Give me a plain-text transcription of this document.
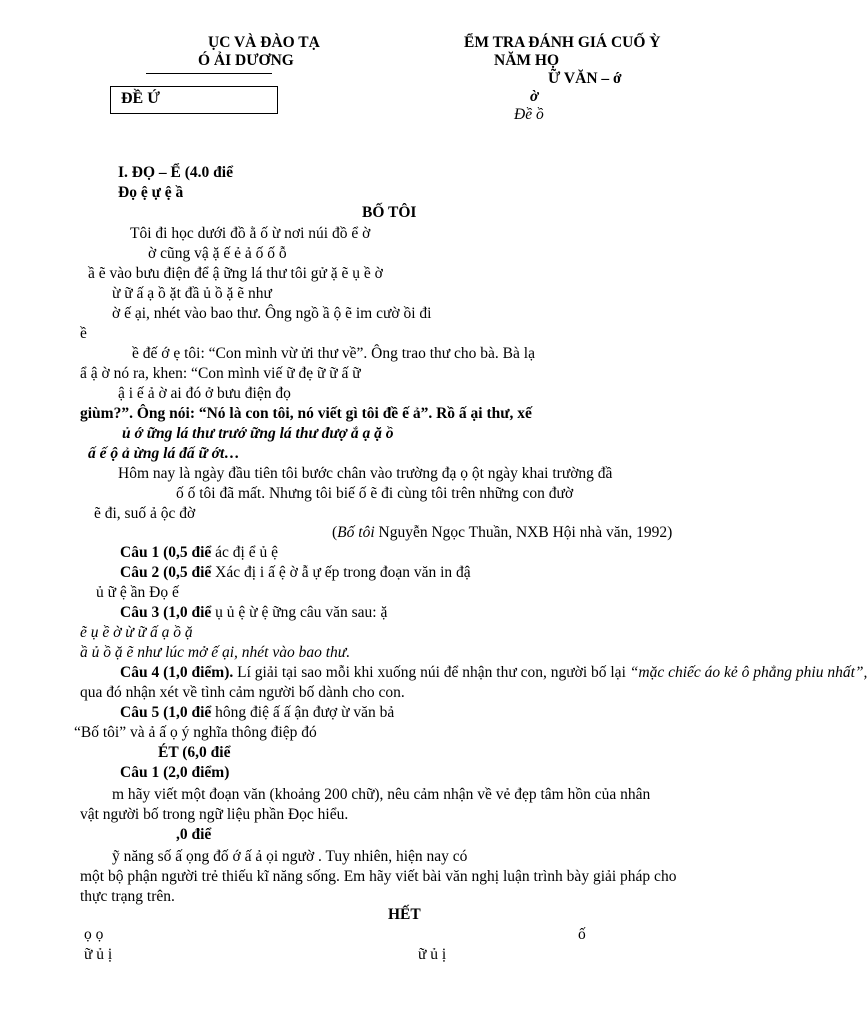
ỤC VÀ ĐÀO TẠ
Ó ẢI DƯƠNG
ĐỀ Ứ
ỂM TRA ĐÁNH GIÁ CUỐ Ỳ
NĂM HỌ
Ữ VĂN – ớ
ờ
Đề ồ
I. ĐỌ – Ể (4.0 điể
Đọ ệ ự ệ ầ
BỐ TÔI
Tôi đi học dưới đồ ằ ố ừ nơi núi đồ ể ờ
ờ cũng vậ ặ ế ẻ ả ố ố ỗ
ầ ẽ vào bưu điện để ậ ững lá thư tôi gử ặ ẽ ụ ề ờ
ừ ữ ấ ạ ồ ặt đầ ủ ồ ặ ẽ như
ờ ế ại, nhét vào bao thư. Ông ngồ ầ ộ ẽ im cườ ồi đi
ề
ề đế ớ ẹ tôi: “Con mình vừ ửi thư về”. Ông trao thư cho bà. Bà lạ
ẩ ậ ờ nó ra, khen: “Con mình viế ữ đẹ ữ ữ ấ ữ
ậ i ế ả ờ ai đó ở bưu điện đọ
giùm?”. Ông nói: “Nó là con tôi, nó viết gì tôi đề ế ả”. Rồ ấ ại thư, xế
ủ ớ ững lá thư trướ ững lá thư đượ ắ ạ ặ ồ
ấ ế ộ ả ừng lá đấ ữ ớt…
Hôm nay là ngày đầu tiên tôi bước chân vào trường đạ ọ ột ngày khai trường đầ
ố ố tôi đã mất. Nhưng tôi biế ố ẽ đi cùng tôi trên những con đườ
ẽ đi, suố ả ộc đờ
(Bố tôi Nguyễn Ngọc Thuần, NXB Hội nhà văn, 1992)
Câu 1 (0,5 điể ác đị ể ủ ệ
Câu 2 (0,5 điể Xác đị i ấ ệ ờ ẫ ự ếp trong đoạn văn in đậ
ủ ữ ệ ần Đọ ế
Câu 3 (1,0 điể ụ ủ ệ ừ ệ ững câu văn sau: ặ
ẽ ụ ề ờ ừ ữ ấ ạ ồ ặ
ầ ủ ồ ặ ẽ như lúc mở ế ại, nhét vào bao thư.
Câu 4 (1,0 điểm). Lí giải tại sao mỗi khi xuống núi để nhận thư con, người bố lại “mặc chiếc áo kẻ ô phẳng phiu nhất”,
qua đó nhận xét về tình cảm người bố dành cho con.
Câu 5 (1,0 điể hông điệ ấ ấ ận đượ ừ văn bả
“Bố tôi” và ả ấ ọ ý nghĩa thông điệp đó
ÉT (6,0 điể
Câu 1 (2,0 điểm)
m hãy viết một đoạn văn (khoảng 200 chữ), nêu cảm nhận về vẻ đẹp tâm hồn của nhân
vật người bố trong ngữ liệu phần Đọc hiểu.
,0 điể
ỹ năng số ấ ọng đố ớ ấ ả ọi ngườ . Tuy nhiên, hiện nay có
một bộ phận người trẻ thiếu kĩ năng sống. Em hãy viết bài văn nghị luận trình bày giải pháp cho
thực trạng trên.
HẾT
ọ ọ	ố
ữ ủ ị	ữ ủ ị
